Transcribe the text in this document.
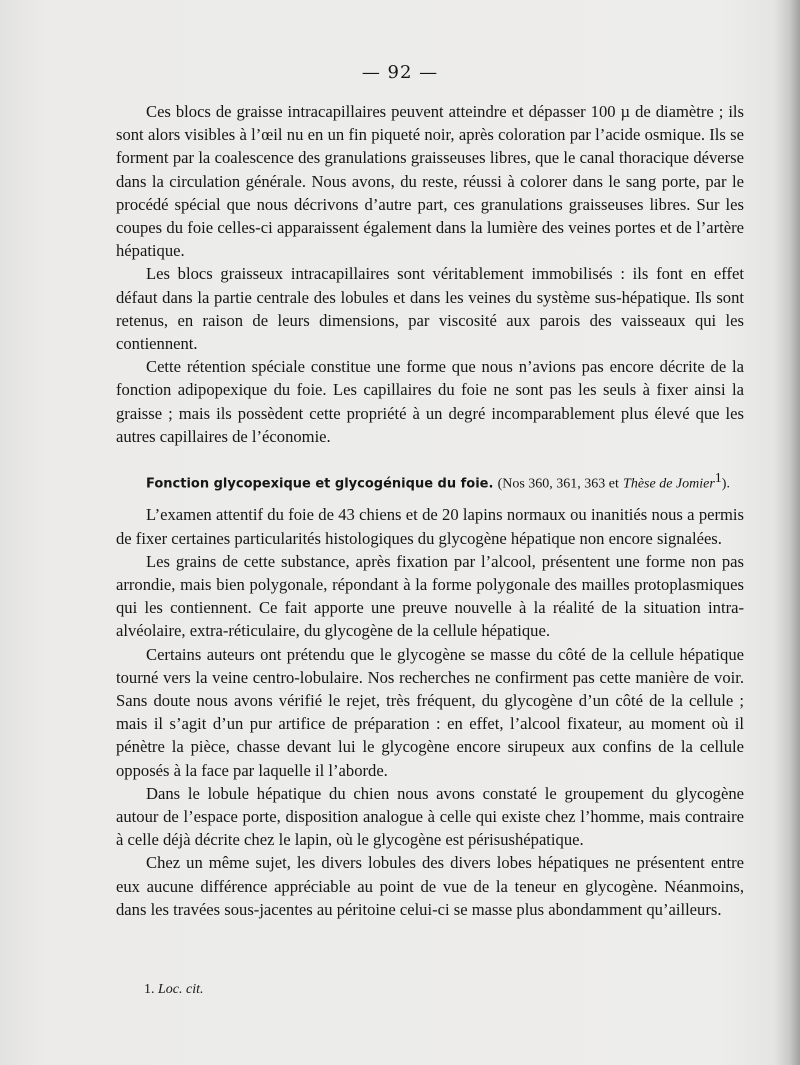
— 92 —

Ces blocs de graisse intracapillaires peuvent atteindre et dépasser 100 µ de diamètre ; ils sont alors visibles à l’œil nu en un fin piqueté noir, après coloration par l’acide osmique. Ils se forment par la coalescence des granulations graisseuses libres, que le canal thoracique déverse dans la circulation générale. Nous avons, du reste, réussi à colorer dans le sang porte, par le procédé spécial que nous décrivons d’autre part, ces granulations graisseuses libres. Sur les coupes du foie celles-ci apparaissent également dans la lumière des veines portes et de l’artère hépatique.

Les blocs graisseux intracapillaires sont véritablement immobilisés : ils font en effet défaut dans la partie centrale des lobules et dans les veines du système sus-hépatique. Ils sont retenus, en raison de leurs dimensions, par viscosité aux parois des vaisseaux qui les contiennent.

Cette rétention spéciale constitue une forme que nous n’avions pas encore décrite de la fonction adipopexique du foie. Les capillaires du foie ne sont pas les seuls à fixer ainsi la graisse ; mais ils possèdent cette propriété à un degré incomparablement plus élevé que les autres capillaires de l’économie.

Fonction glycopexique et glycogénique du foie. (Nos 360, 361, 363 et Thèse de Jomier$^1$).

L’examen attentif du foie de 43 chiens et de 20 lapins normaux ou inanitiés nous a permis de fixer certaines particularités histologiques du glycogène hépatique non encore signalées.

Les grains de cette substance, après fixation par l’alcool, présentent une forme non pas arrondie, mais bien polygonale, répondant à la forme polygonale des mailles protoplasmiques qui les contiennent. Ce fait apporte une preuve nouvelle à la réalité de la situation intra-alvéolaire, extra-réticulaire, du glycogène de la cellule hépatique.

Certains auteurs ont prétendu que le glycogène se masse du côté de la cellule hépatique tourné vers la veine centro-lobulaire. Nos recherches ne confirment pas cette manière de voir. Sans doute nous avons vérifié le rejet, très fréquent, du glycogène d’un côté de la cellule ; mais il s’agit d’un pur artifice de préparation : en effet, l’alcool fixateur, au moment où il pénètre la pièce, chasse devant lui le glycogène encore sirupeux aux confins de la cellule opposés à la face par laquelle il l’aborde.

Dans le lobule hépatique du chien nous avons constaté le groupement du glycogène autour de l’espace porte, disposition analogue à celle qui existe chez l’homme, mais contraire à celle déjà décrite chez le lapin, où le glycogène est périsushépatique.

Chez un même sujet, les divers lobules des divers lobes hépatiques ne présentent entre eux aucune différence appréciable au point de vue de la teneur en glycogène. Néanmoins, dans les travées sous-jacentes au péritoine celui-ci se masse plus abondamment qu’ailleurs.

1. Loc. cit.
